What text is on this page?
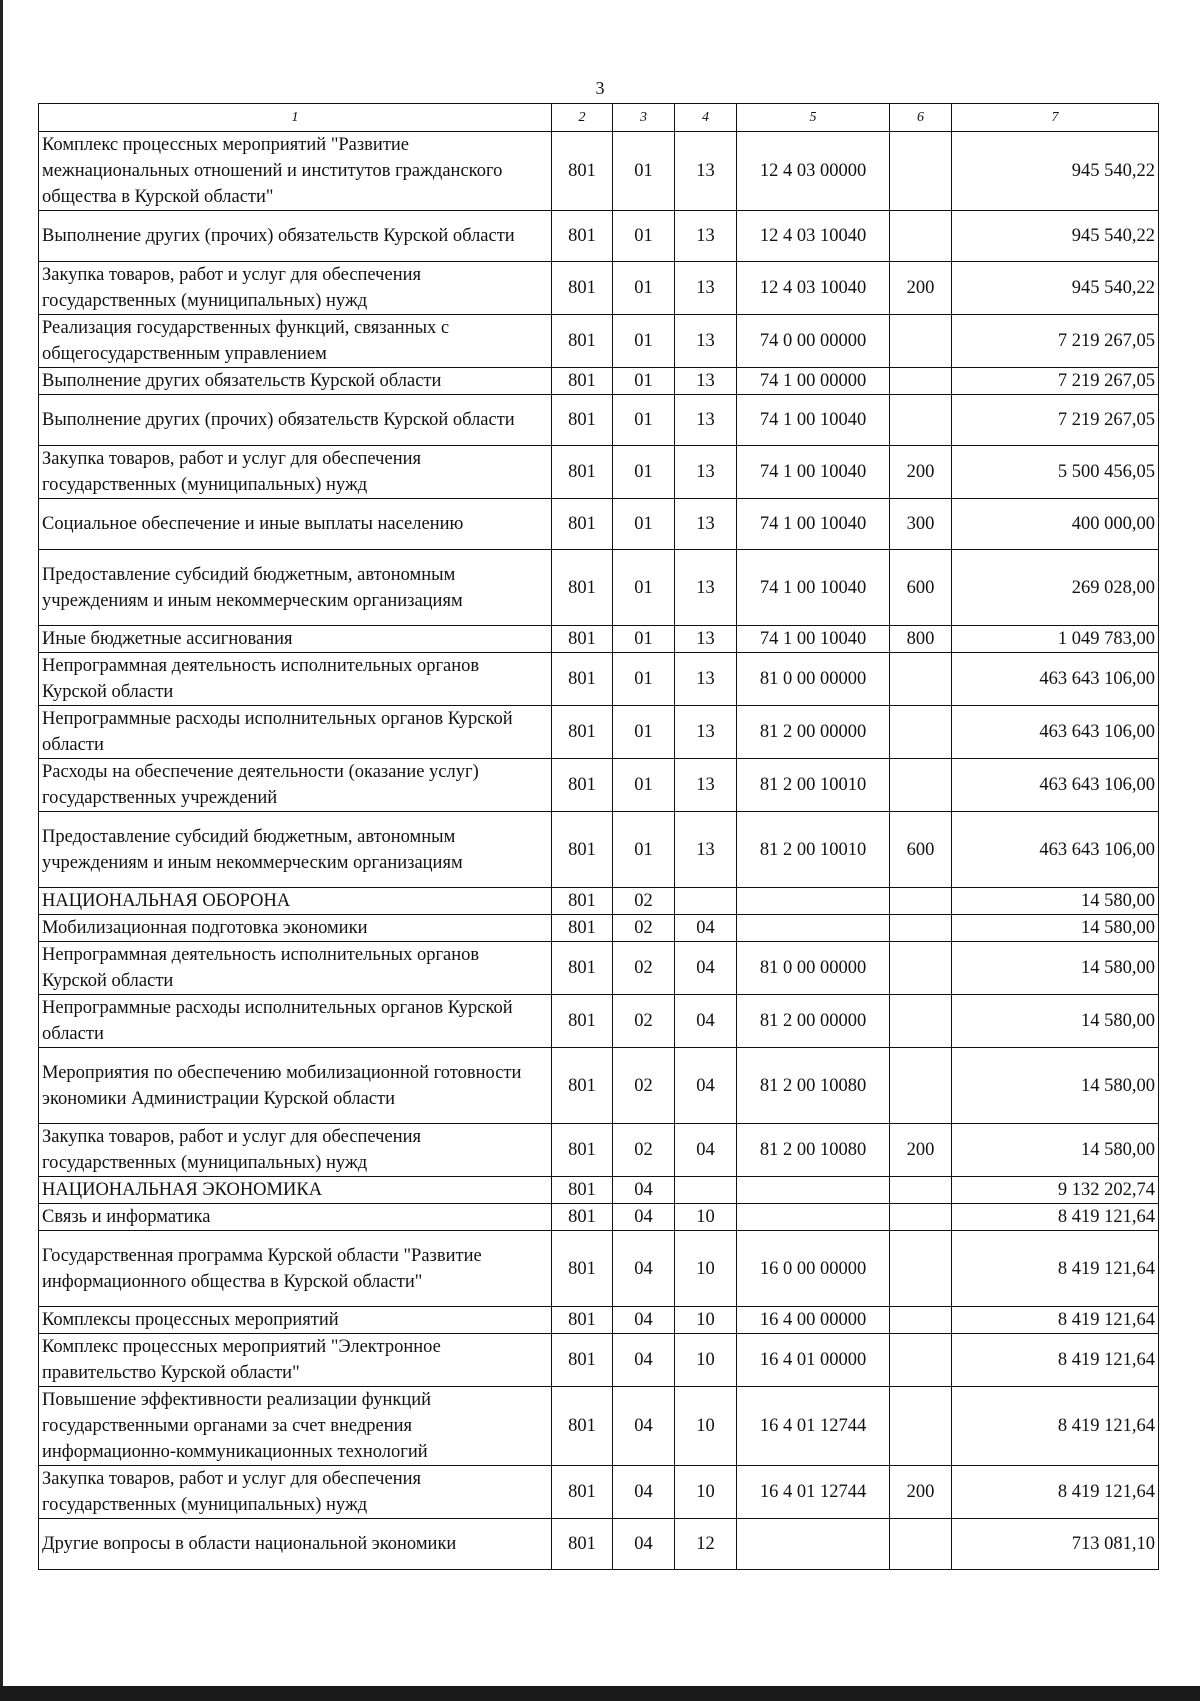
3
1	2	3	4	5	6	7
Комплекс процессных мероприятий "Развитие межнациональных отношений и институтов гражданского общества в Курской области"	801	01	13	12 4 03 00000		945 540,22
Выполнение других (прочих) обязательств Курской области	801	01	13	12 4 03 10040		945 540,22
Закупка товаров, работ и услуг для обеспечения государственных (муниципальных) нужд	801	01	13	12 4 03 10040	200	945 540,22
Реализация государственных функций, связанных с общегосударственным управлением	801	01	13	74 0 00 00000		7 219 267,05
Выполнение других обязательств Курской области	801	01	13	74 1 00 00000		7 219 267,05
Выполнение других (прочих) обязательств Курской области	801	01	13	74 1 00 10040		7 219 267,05
Закупка товаров, работ и услуг для обеспечения государственных (муниципальных) нужд	801	01	13	74 1 00 10040	200	5 500 456,05
Социальное обеспечение и иные выплаты населению	801	01	13	74 1 00 10040	300	400 000,00
Предоставление субсидий бюджетным, автономным учреждениям и иным некоммерческим организациям	801	01	13	74 1 00 10040	600	269 028,00
Иные бюджетные ассигнования	801	01	13	74 1 00 10040	800	1 049 783,00
Непрограммная деятельность исполнительных органов Курской области	801	01	13	81 0 00 00000		463 643 106,00
Непрограммные расходы исполнительных органов Курской области	801	01	13	81 2 00 00000		463 643 106,00
Расходы на обеспечение деятельности (оказание услуг) государственных учреждений	801	01	13	81 2 00 10010		463 643 106,00
Предоставление субсидий бюджетным, автономным учреждениям и иным некоммерческим организациям	801	01	13	81 2 00 10010	600	463 643 106,00
НАЦИОНАЛЬНАЯ ОБОРОНА	801	02				14 580,00
Мобилизационная подготовка экономики	801	02	04			14 580,00
Непрограммная деятельность исполнительных органов Курской области	801	02	04	81 0 00 00000		14 580,00
Непрограммные расходы исполнительных органов Курской области	801	02	04	81 2 00 00000		14 580,00
Мероприятия по обеспечению мобилизационной готовности экономики Администрации Курской области	801	02	04	81 2 00 10080		14 580,00
Закупка товаров, работ и услуг для обеспечения государственных (муниципальных) нужд	801	02	04	81 2 00 10080	200	14 580,00
НАЦИОНАЛЬНАЯ ЭКОНОМИКА	801	04				9 132 202,74
Связь и информатика	801	04	10			8 419 121,64
Государственная программа Курской области "Развитие информационного общества в Курской области"	801	04	10	16 0 00 00000		8 419 121,64
Комплексы процессных мероприятий	801	04	10	16 4 00 00000		8 419 121,64
Комплекс процессных мероприятий "Электронное правительство Курской области"	801	04	10	16 4 01 00000		8 419 121,64
Повышение эффективности реализации функций государственными органами за счет внедрения информационно-коммуникационных технологий	801	04	10	16 4 01 12744		8 419 121,64
Закупка товаров, работ и услуг для обеспечения государственных (муниципальных) нужд	801	04	10	16 4 01 12744	200	8 419 121,64
Другие вопросы в области национальной экономики	801	04	12			713 081,10
